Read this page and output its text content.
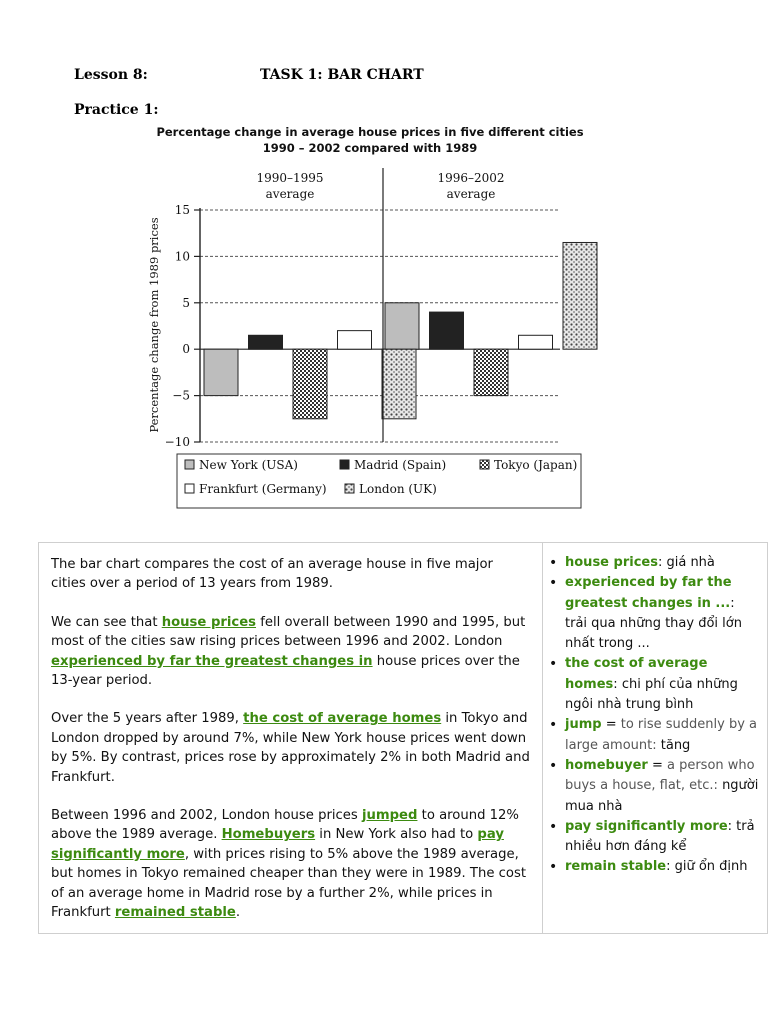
Lesson 8:	TASK 1: BAR CHART
Practice 1:
Percentage change in average house prices in five different cities
1990 – 2002 compared with 1989
1990–1995
average
1996–2002
average
Percentage change from 1989 prices
15
10
5
0
−5
−10
New York (USA)	Madrid (Spain)	Tokyo (Japan)
Frankfurt (Germany)	London (UK)

The bar chart compares the cost of an average house in five major cities over a period of 13 years from 1989.

We can see that house prices fell overall between 1990 and 1995, but most of the cities saw rising prices between 1996 and 2002. London experienced by far the greatest changes in house prices over the 13-year period.

Over the 5 years after 1989, the cost of average homes in Tokyo and London dropped by around 7%, while New York house prices went down by 5%. By contrast, prices rose by approximately 2% in both Madrid and Frankfurt.

Between 1996 and 2002, London house prices jumped to around 12% above the 1989 average. Homebuyers in New York also had to pay significantly more, with prices rising to 5% above the 1989 average, but homes in Tokyo remained cheaper than they were in 1989. The cost of an average home in Madrid rose by a further 2%, while prices in Frankfurt remained stable.

• house prices: giá nhà
• experienced by far the greatest changes in ...: trải qua những thay đổi lớn nhất trong ...
• the cost of average homes: chi phí của những ngôi nhà trung bình
• jump = to rise suddenly by a large amount: tăng
• homebuyer = a person who buys a house, flat, etc.: người mua nhà
• pay significantly more: trả nhiều hơn đáng kể
• remain stable: giữ ổn định
